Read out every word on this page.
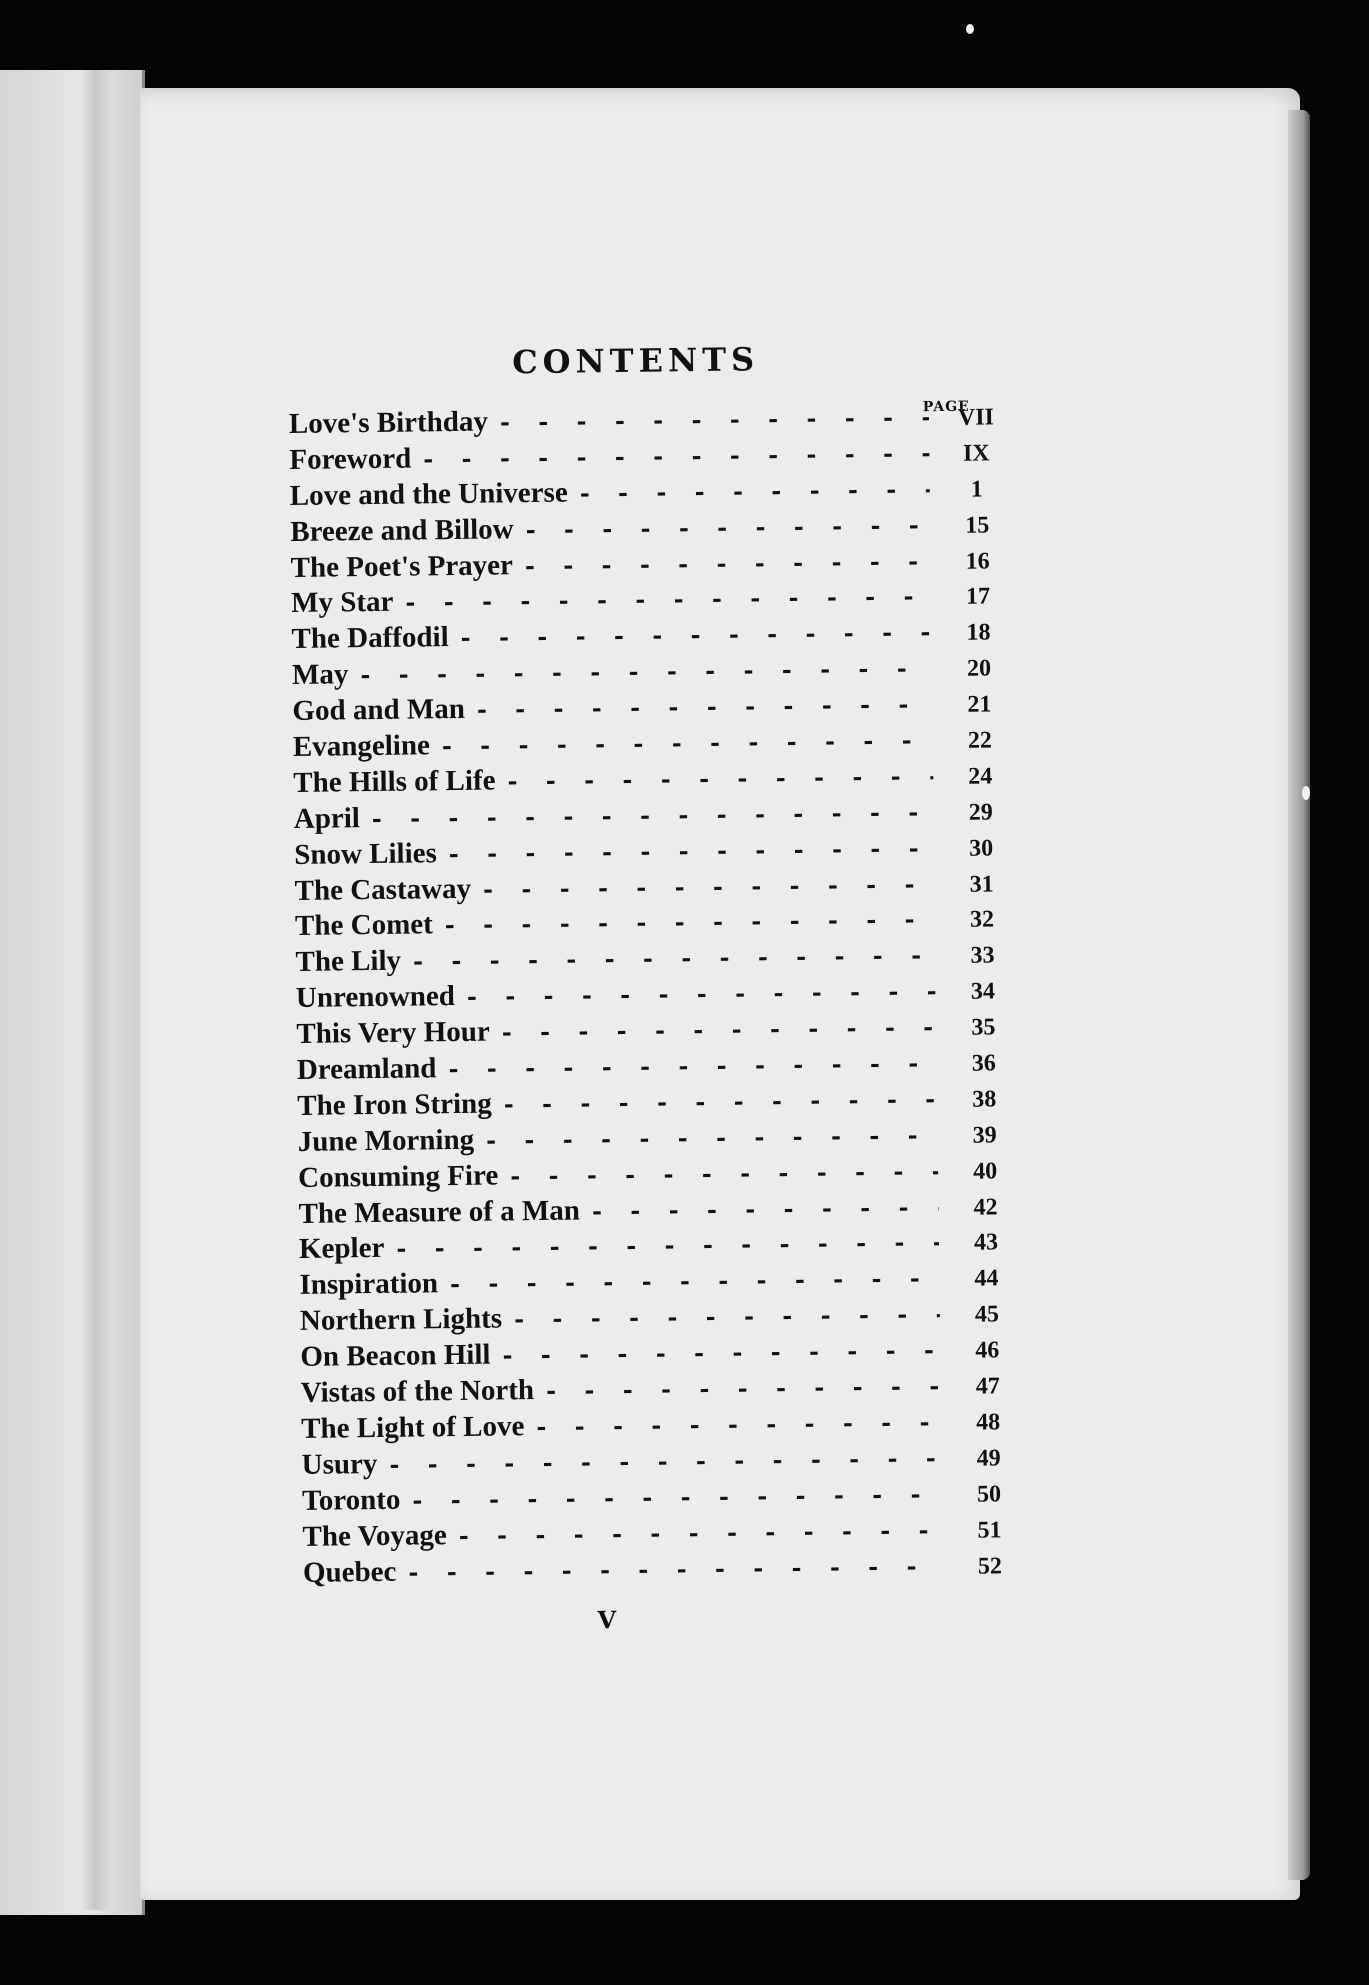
CONTENTS
PAGE
Love's Birthday - - -	VII
Foreword - - -	IX
Love and the Universe - - -	1
Breeze and Billow - - -	15
The Poet's Prayer - - -	16
My Star - - -	17
The Daffodil - - -	18
May - - -	20
God and Man - - -	21
Evangeline - - -	22
The Hills of Life - - -	24
April - - -	29
Snow Lilies - - -	30
The Castaway - - -	31
The Comet - - -	32
The Lily - - -	33
Unrenowned - - -	34
This Very Hour - - -	35
Dreamland - - -	36
The Iron String - - -	38
June Morning - - -	39
Consuming Fire - - -	40
The Measure of a Man - - -	42
Kepler - - -	43
Inspiration - - -	44
Northern Lights - - -	45
On Beacon Hill - - -	46
Vistas of the North - - -	47
The Light of Love - - -	48
Usury - - -	49
Toronto - - -	50
The Voyage - - -	51
Quebec - - -	52
V
